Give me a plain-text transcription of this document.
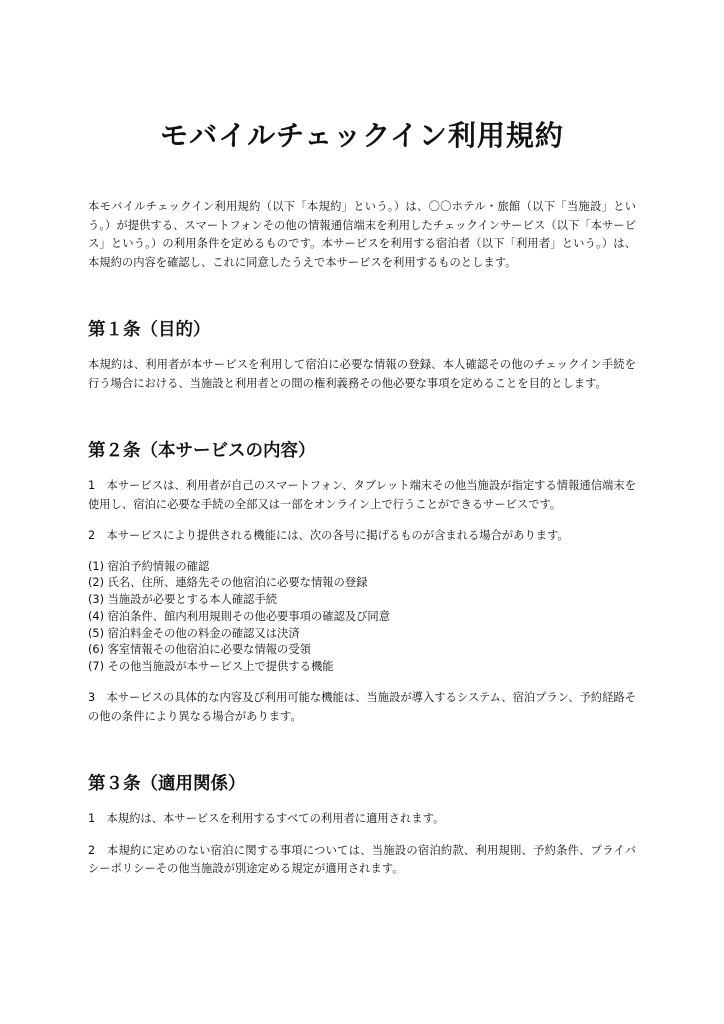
モバイルチェックイン利用規約

本モバイルチェックイン利用規約（以下「本規約」という。）は、〇〇ホテル・旅館（以下「当施設」という。）が提供する、スマートフォンその他の情報通信端末を利用したチェックインサービス（以下「本サービス」という。）の利用条件を定めるものです。本サービスを利用する宿泊者（以下「利用者」という。）は、本規約の内容を確認し、これに同意したうえで本サービスを利用するものとします。

第１条（目的）

本規約は、利用者が本サービスを利用して宿泊に必要な情報の登録、本人確認その他のチェックイン手続を行う場合における、当施設と利用者との間の権利義務その他必要な事項を定めることを目的とします。

第２条（本サービスの内容）

1　本サービスは、利用者が自己のスマートフォン、タブレット端末その他当施設が指定する情報通信端末を使用し、宿泊に必要な手続の全部又は一部をオンライン上で行うことができるサービスです。

2　本サービスにより提供される機能には、次の各号に掲げるものが含まれる場合があります。

(1) 宿泊予約情報の確認
(2) 氏名、住所、連絡先その他宿泊に必要な情報の登録
(3) 当施設が必要とする本人確認手続
(4) 宿泊条件、館内利用規則その他必要事項の確認及び同意
(5) 宿泊料金その他の料金の確認又は決済
(6) 客室情報その他宿泊に必要な情報の受領
(7) その他当施設が本サービス上で提供する機能

3　本サービスの具体的な内容及び利用可能な機能は、当施設が導入するシステム、宿泊プラン、予約経路その他の条件により異なる場合があります。

第３条（適用関係）

1　本規約は、本サービスを利用するすべての利用者に適用されます。

2　本規約に定めのない宿泊に関する事項については、当施設の宿泊約款、利用規則、予約条件、プライバシーポリシーその他当施設が別途定める規定が適用されます。
